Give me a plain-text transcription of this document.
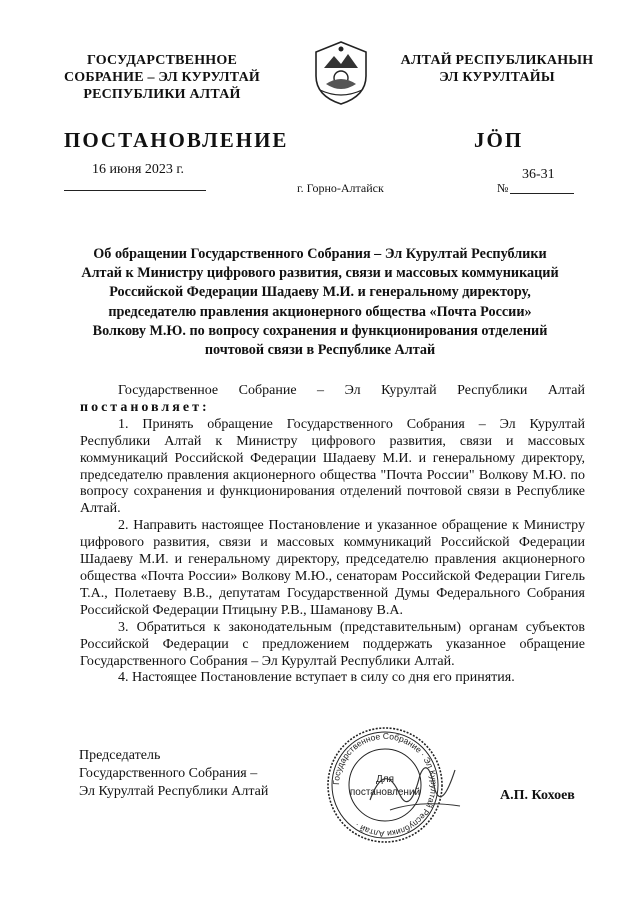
ГОСУДАРСТВЕННОЕ
СОБРАНИЕ – ЭЛ КУРУЛТАЙ
РЕСПУБЛИКИ АЛТАЙ
АЛТАЙ РЕСПУБЛИКАНЫН
ЭЛ КУРУЛТАЙЫ
ПОСТАНОВЛЕНИЕ	JÖП
16 июня 2023 г.
г. Горно-Алтайск	№
36-31
Об обращении Государственного Собрания – Эл Курултай Республики Алтай к Министру цифрового развития, связи и массовых коммуникаций Российской Федерации Шадаеву М.И. и генеральному директору, председателю правления акционерного общества «Почта России» Волкову М.Ю. по вопросу сохранения и функционирования отделений почтовой связи в Республике Алтай

Государственное Собрание – Эл Курултай Республики Алтай

постановляет:

1. Принять обращение Государственного Собрания – Эл Курултай Республики Алтай к Министру цифрового развития, связи и массовых коммуникаций Российской Федерации Шадаеву М.И. и генеральному директору, председателю правления акционерного общества "Почта России" Волкову М.Ю. по вопросу сохранения и функционирования отделений почтовой связи в Республике Алтай.

2. Направить настоящее Постановление и указанное обращение к Министру цифрового развития, связи и массовых коммуникаций Российской Федерации Шадаеву М.И. и генеральному директору, председателю правления акционерного общества «Почта России» Волкову М.Ю., сенаторам Российской Федерации Гигель Т.А., Полетаеву В.В., депутатам Государственной Думы Федерального Собрания Российской Федерации Птицыну Р.В., Шаманову В.А.

3. Обратиться к законодательным (представительным) органам субъектов Российской Федерации с предложением поддержать указанное обращение Государственного Собрания – Эл Курултай Республики Алтай.

4. Настоящее Постановление вступает в силу со дня его принятия.

Председатель
Государственного Собрания –
Эл Курултай Республики Алтай
Государственное Собрание · Эл Курултай Республики Алтай ·
Для
постановлений	А.П. Кохоев
